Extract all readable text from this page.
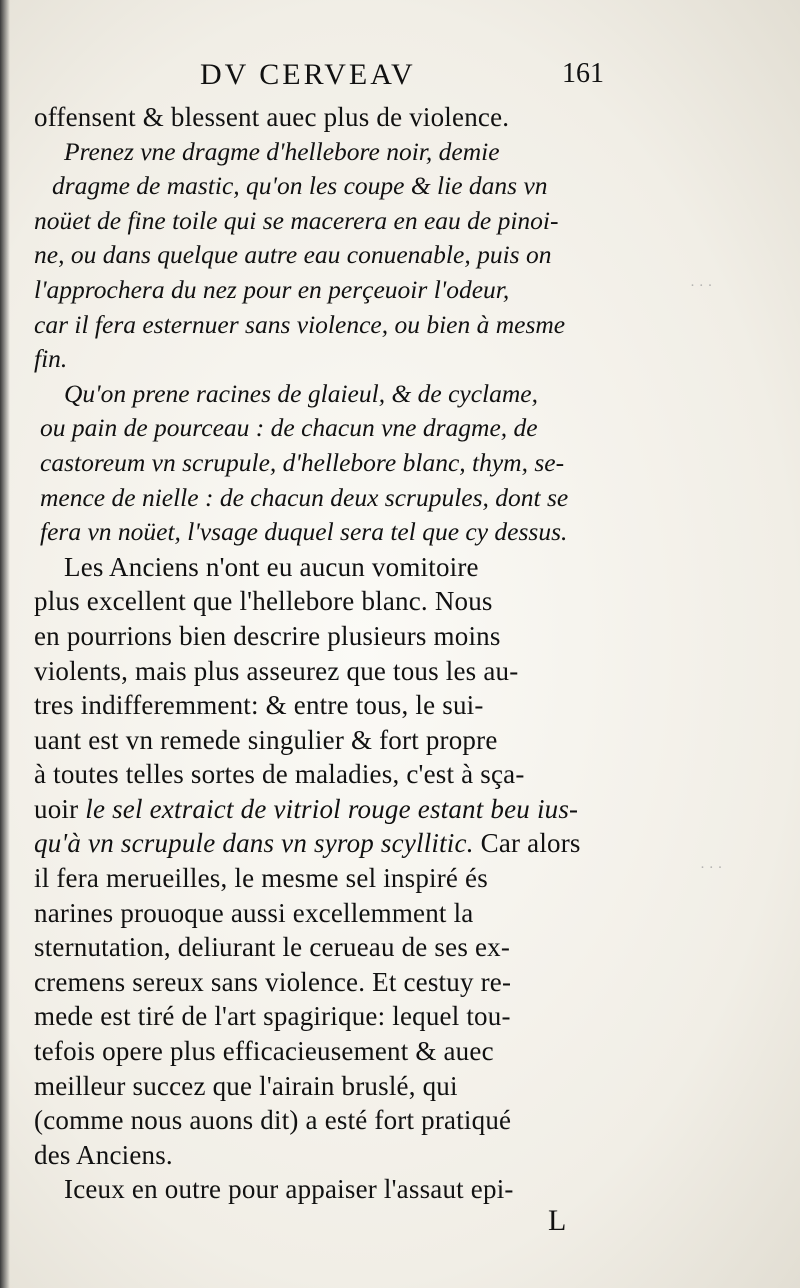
DV CERVEAV	161
offensent & blessent auec plus de violence.
Prenez vne dragme d'hellebore noir, demie
dragme de mastic, qu'on les coupe & lie dans vn
noüet de fine toile qui se macerera en eau de pinoi-
ne, ou dans quelque autre eau conuenable, puis on
l'approchera du nez pour en perçeuoir l'odeur,
car il fera esternuer sans violence, ou bien à mesme
fin.
Qu'on prene racines de glaieul, & de cyclame,
ou pain de pourceau : de chacun vne dragme, de
castoreum vn scrupule, d'hellebore blanc, thym, se-
mence de nielle : de chacun deux scrupules, dont se
fera vn noüet, l'vsage duquel sera tel que cy dessus.
Les Anciens n'ont eu aucun vomitoire
plus excellent que l'hellebore blanc. Nous
en pourrions bien descrire plusieurs moins
violents, mais plus asseurez que tous les au-
tres indifferemment: & entre tous, le sui-
uant est vn remede singulier & fort propre
à toutes telles sortes de maladies, c'est à sça-
uoir le sel extraict de vitriol rouge estant beu ius-
qu'à vn scrupule dans vn syrop scyllitic. Car alors
il fera merueilles, le mesme sel inspiré és
narines prouoque aussi excellemment la
sternutation, deliurant le cerueau de ses ex-
cremens sereux sans violence. Et cestuy re-
mede est tiré de l'art spagirique: lequel tou-
tefois opere plus efficacieusement & auec
meilleur succez que l'airain bruslé, qui
(comme nous auons dit) a esté fort pratiqué
des Anciens.
Iceux en outre pour appaiser l'assaut epi-
L
· · ·
· · ·
